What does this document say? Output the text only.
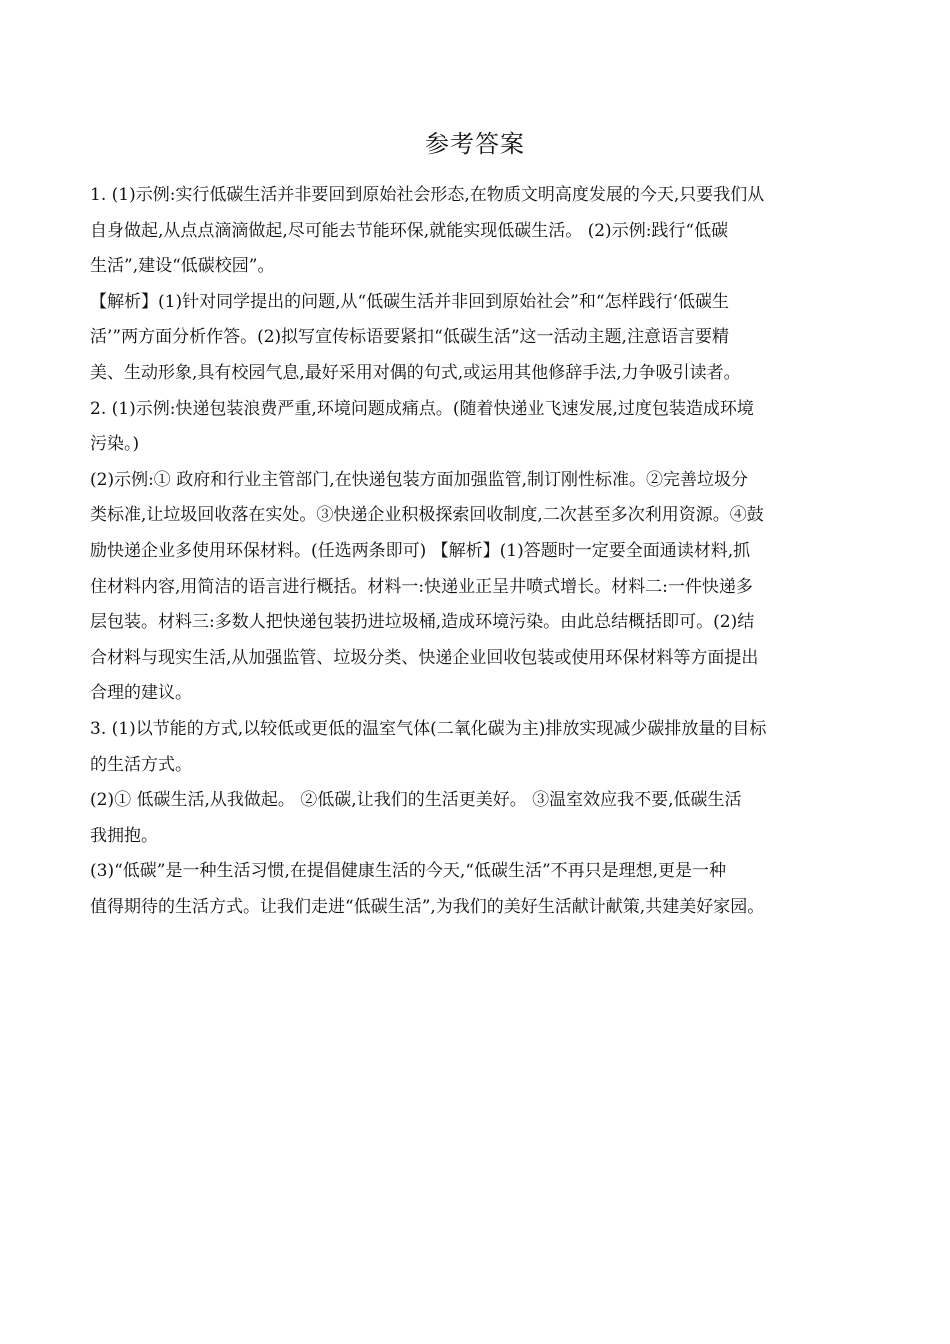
参考答案
1. (1)示例:实行低碳生活并非要回到原始社会形态,在物质文明高度发展的今天,只要我们从
自身做起,从点点滴滴做起,尽可能去节能环保,就能实现低碳生活。 (2)示例:践行“低碳
生活”,建设“低碳校园”。
【解析】(1)针对同学提出的问题,从“低碳生活并非回到原始社会”和“怎样践行‘低碳生
活’”两方面分析作答。(2)拟写宣传标语要紧扣“低碳生活”这一活动主题,注意语言要精
美、生动形象,具有校园气息,最好采用对偶的句式,或运用其他修辞手法,力争吸引读者。
2. (1)示例:快递包装浪费严重,环境问题成痛点。(随着快递业飞速发展,过度包装造成环境
污染。)
(2)示例:① 政府和行业主管部门,在快递包装方面加强监管,制订刚性标准。②完善垃圾分
类标准,让垃圾回收落在实处。③快递企业积极探索回收制度,二次甚至多次利用资源。④鼓
励快递企业多使用环保材料。(任选两条即可) 【解析】(1)答题时一定要全面通读材料,抓
住材料内容,用简洁的语言进行概括。材料一:快递业正呈井喷式增长。材料二:一件快递多
层包装。材料三:多数人把快递包装扔进垃圾桶,造成环境污染。由此总结概括即可。(2)结
合材料与现实生活,从加强监管、垃圾分类、快递企业回收包装或使用环保材料等方面提出
合理的建议。
3. (1)以节能的方式,以较低或更低的温室气体(二氧化碳为主)排放实现减少碳排放量的目标
的生活方式。
(2)① 低碳生活,从我做起。 ②低碳,让我们的生活更美好。 ③温室效应我不要,低碳生活
我拥抱。
(3)“低碳”是一种生活习惯,在提倡健康生活的今天,“低碳生活”不再只是理想,更是一种
值得期待的生活方式。让我们走进“低碳生活”,为我们的美好生活献计献策,共建美好家园。
